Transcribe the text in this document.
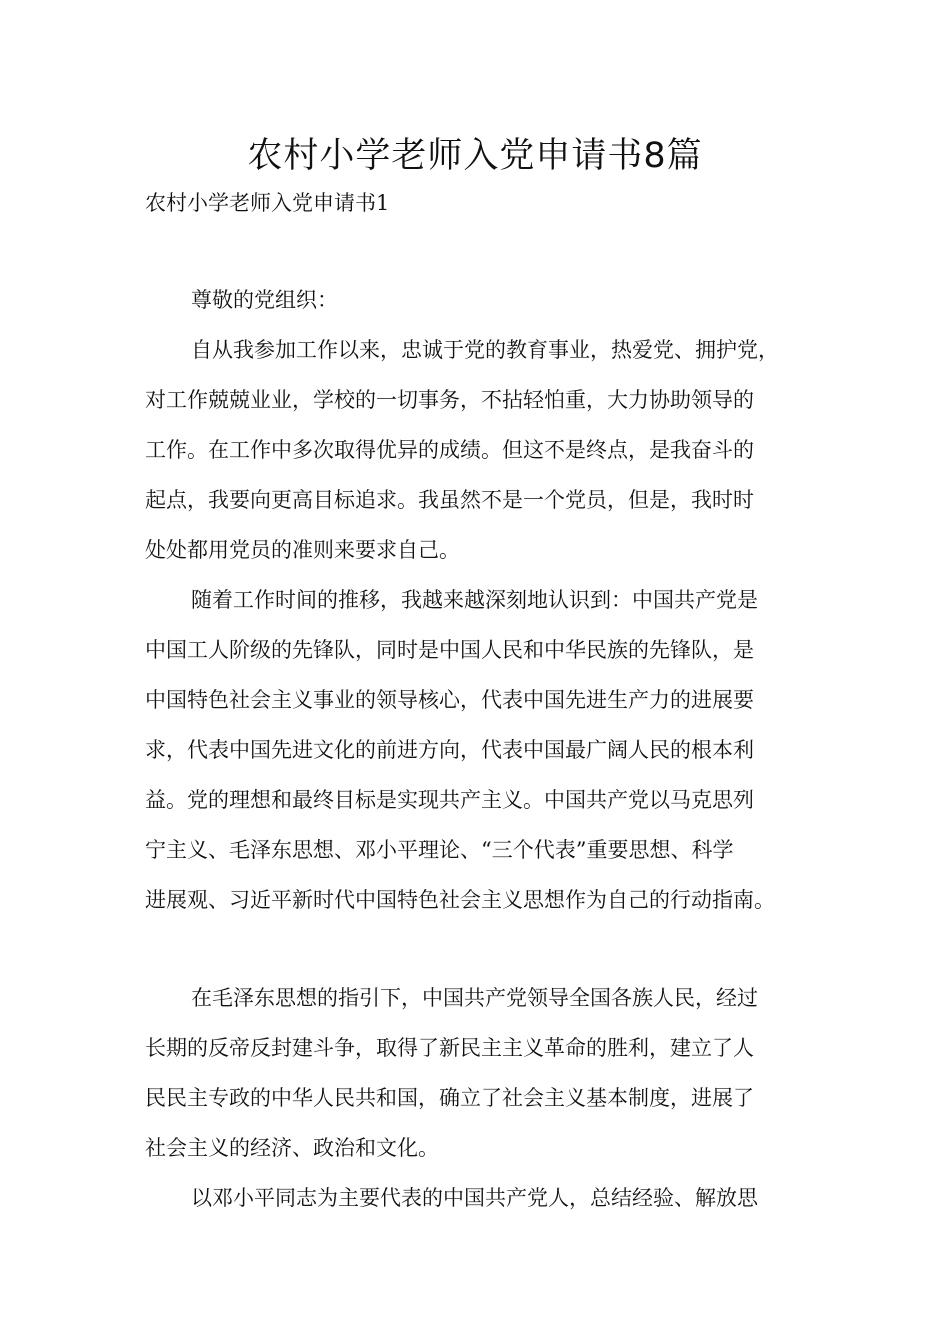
农村小学老师入党申请书8篇
农村小学老师入党申请书1
尊敬的党组织：
自从我参加工作以来，忠诚于党的教育事业，热爱党、拥护党，
对工作兢兢业业，学校的一切事务，不拈轻怕重，大力协助领导的
工作。在工作中多次取得优异的成绩。但这不是终点，是我奋斗的
起点，我要向更高目标追求。我虽然不是一个党员，但是，我时时
处处都用党员的准则来要求自己。
随着工作时间的推移，我越来越深刻地认识到：中国共产党是
中国工人阶级的先锋队，同时是中国人民和中华民族的先锋队，是
中国特色社会主义事业的领导核心，代表中国先进生产力的进展要
求，代表中国先进文化的前进方向，代表中国最广阔人民的根本利
益。党的理想和最终目标是实现共产主义。中国共产党以马克思列
宁主义、毛泽东思想、邓小平理论、“三个代表”重要思想、科学
进展观、习近平新时代中国特色社会主义思想作为自己的行动指南。
在毛泽东思想的指引下，中国共产党领导全国各族人民，经过
长期的反帝反封建斗争，取得了新民主主义革命的胜利，建立了人
民民主专政的中华人民共和国，确立了社会主义基本制度，进展了
社会主义的经济、政治和文化。
以邓小平同志为主要代表的中国共产党人，总结经验、解放思
